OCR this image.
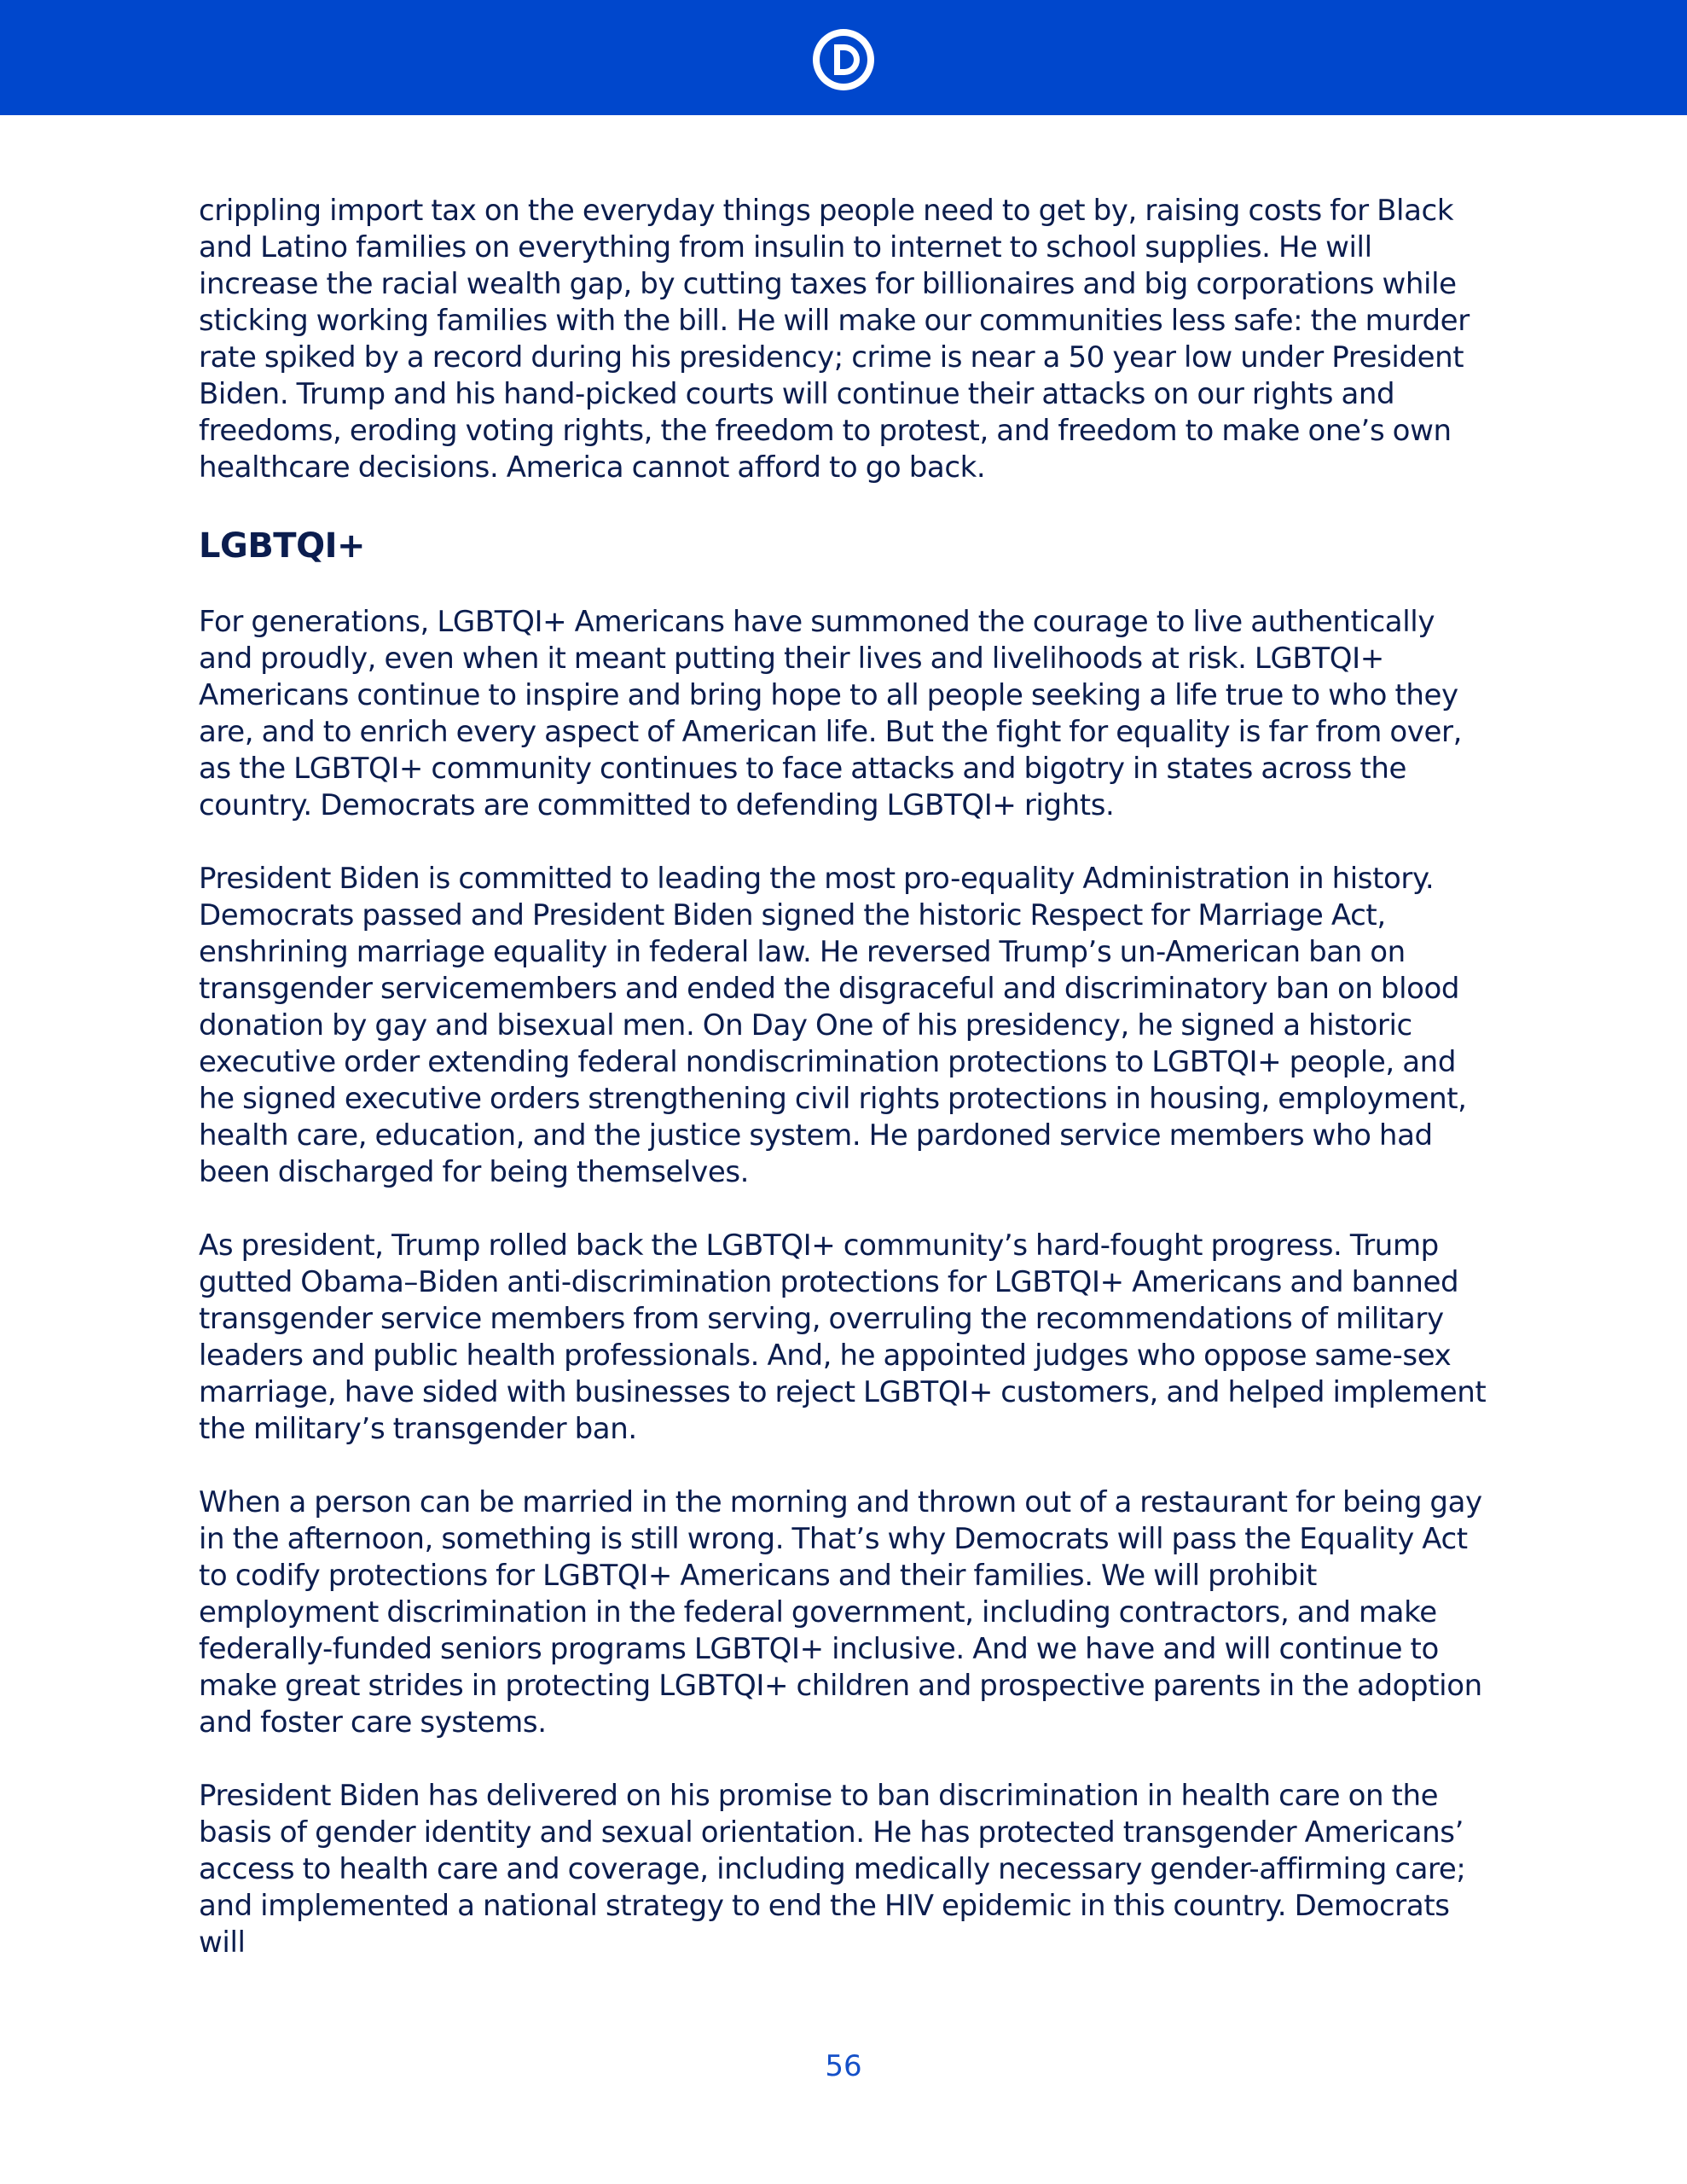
crippling import tax on the everyday things people need to get by, raising costs for Black and Latino families on everything from insulin to internet to school supplies. He will increase the racial wealth gap, by cutting taxes for billionaires and big corporations while sticking working families with the bill. He will make our communities less safe: the murder rate spiked by a record during his presidency; crime is near a 50 year low under President Biden. Trump and his hand-picked courts will continue their attacks on our rights and freedoms, eroding voting rights, the freedom to protest, and freedom to make one’s own healthcare decisions. America cannot afford to go back.

LGBTQI+

For generations, LGBTQI+ Americans have summoned the courage to live authentically and proudly, even when it meant putting their lives and livelihoods at risk. LGBTQI+ Americans continue to inspire and bring hope to all people seeking a life true to who they are, and to enrich every aspect of American life. But the fight for equality is far from over, as the LGBTQI+ community continues to face attacks and bigotry in states across the country. Democrats are committed to defending LGBTQI+ rights.

President Biden is committed to leading the most pro-equality Administration in history. Democrats passed and President Biden signed the historic Respect for Marriage Act, enshrining marriage equality in federal law. He reversed Trump’s un-American ban on transgender servicemembers and ended the disgraceful and discriminatory ban on blood donation by gay and bisexual men. On Day One of his presidency, he signed a historic executive order extending federal nondiscrimination protections to LGBTQI+ people, and he signed executive orders strengthening civil rights protections in housing, employment, health care, education, and the justice system. He pardoned service members who had been discharged for being themselves.

As president, Trump rolled back the LGBTQI+ community’s hard-fought progress. Trump gutted Obama–Biden anti-discrimination protections for LGBTQI+ Americans and banned transgender service members from serving, overruling the recommendations of military leaders and public health professionals. And, he appointed judges who oppose same-sex marriage, have sided with businesses to reject LGBTQI+ customers, and helped implement the military’s transgender ban.

When a person can be married in the morning and thrown out of a restaurant for being gay in the afternoon, something is still wrong. That’s why Democrats will pass the Equality Act to codify protections for LGBTQI+ Americans and their families. We will prohibit employment discrimination in the federal government, including contractors, and make federally-funded seniors programs LGBTQI+ inclusive. And we have and will continue to make great strides in protecting LGBTQI+ children and prospective parents in the adoption and foster care systems.

President Biden has delivered on his promise to ban discrimination in health care on the basis of gender identity and sexual orientation. He has protected transgender Americans’ access to health care and coverage, including medically necessary gender-affirming care; and implemented a national strategy to end the HIV epidemic in this country. Democrats will

56
